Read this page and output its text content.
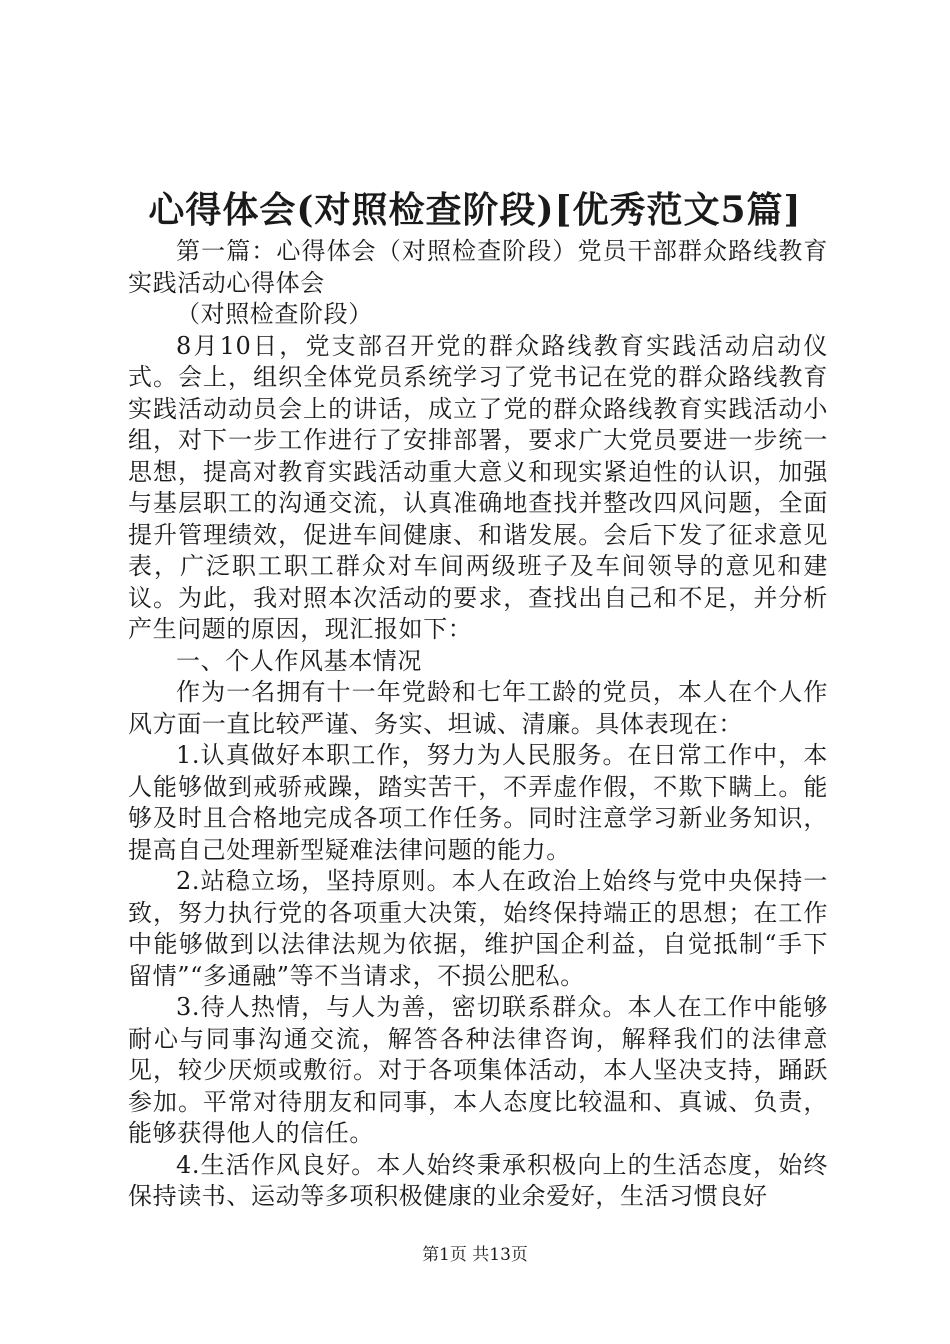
心得体会(对照检查阶段)[优秀范文5篇]

第一篇：心得体会（对照检查阶段）党员干部群众路线教育实践活动心得体会

（对照检查阶段）

8月10日，党支部召开党的群众路线教育实践活动启动仪式。会上，组织全体党员系统学习了党书记在党的群众路线教育实践活动动员会上的讲话，成立了党的群众路线教育实践活动小组，对下一步工作进行了安排部署，要求广大党员要进一步统一思想，提高对教育实践活动重大意义和现实紧迫性的认识，加强与基层职工的沟通交流，认真准确地查找并整改四风问题，全面提升管理绩效，促进车间健康、和谐发展。会后下发了征求意见表，广泛职工职工群众对车间两级班子及车间领导的意见和建议。为此，我对照本次活动的要求，查找出自己和不足，并分析产生问题的原因，现汇报如下：

一、个人作风基本情况

作为一名拥有十一年党龄和七年工龄的党员，本人在个人作风方面一直比较严谨、务实、坦诚、清廉。具体表现在：

1.认真做好本职工作，努力为人民服务。在日常工作中，本人能够做到戒骄戒躁，踏实苦干，不弄虚作假，不欺下瞒上。能够及时且合格地完成各项工作任务。同时注意学习新业务知识，提高自己处理新型疑难法律问题的能力。

2.站稳立场，坚持原则。本人在政治上始终与党中央保持一致，努力执行党的各项重大决策，始终保持端正的思想；在工作中能够做到以法律法规为依据，维护国企利益，自觉抵制“手下留情”“多通融”等不当请求，不损公肥私。

3.待人热情，与人为善，密切联系群众。本人在工作中能够耐心与同事沟通交流，解答各种法律咨询，解释我们的法律意见，较少厌烦或敷衍。对于各项集体活动，本人坚决支持，踊跃参加。平常对待朋友和同事，本人态度比较温和、真诚、负责，能够获得他人的信任。

4.生活作风良好。本人始终秉承积极向上的生活态度，始终保持读书、运动等多项积极健康的业余爱好，生活习惯良好

第1页 共13页
